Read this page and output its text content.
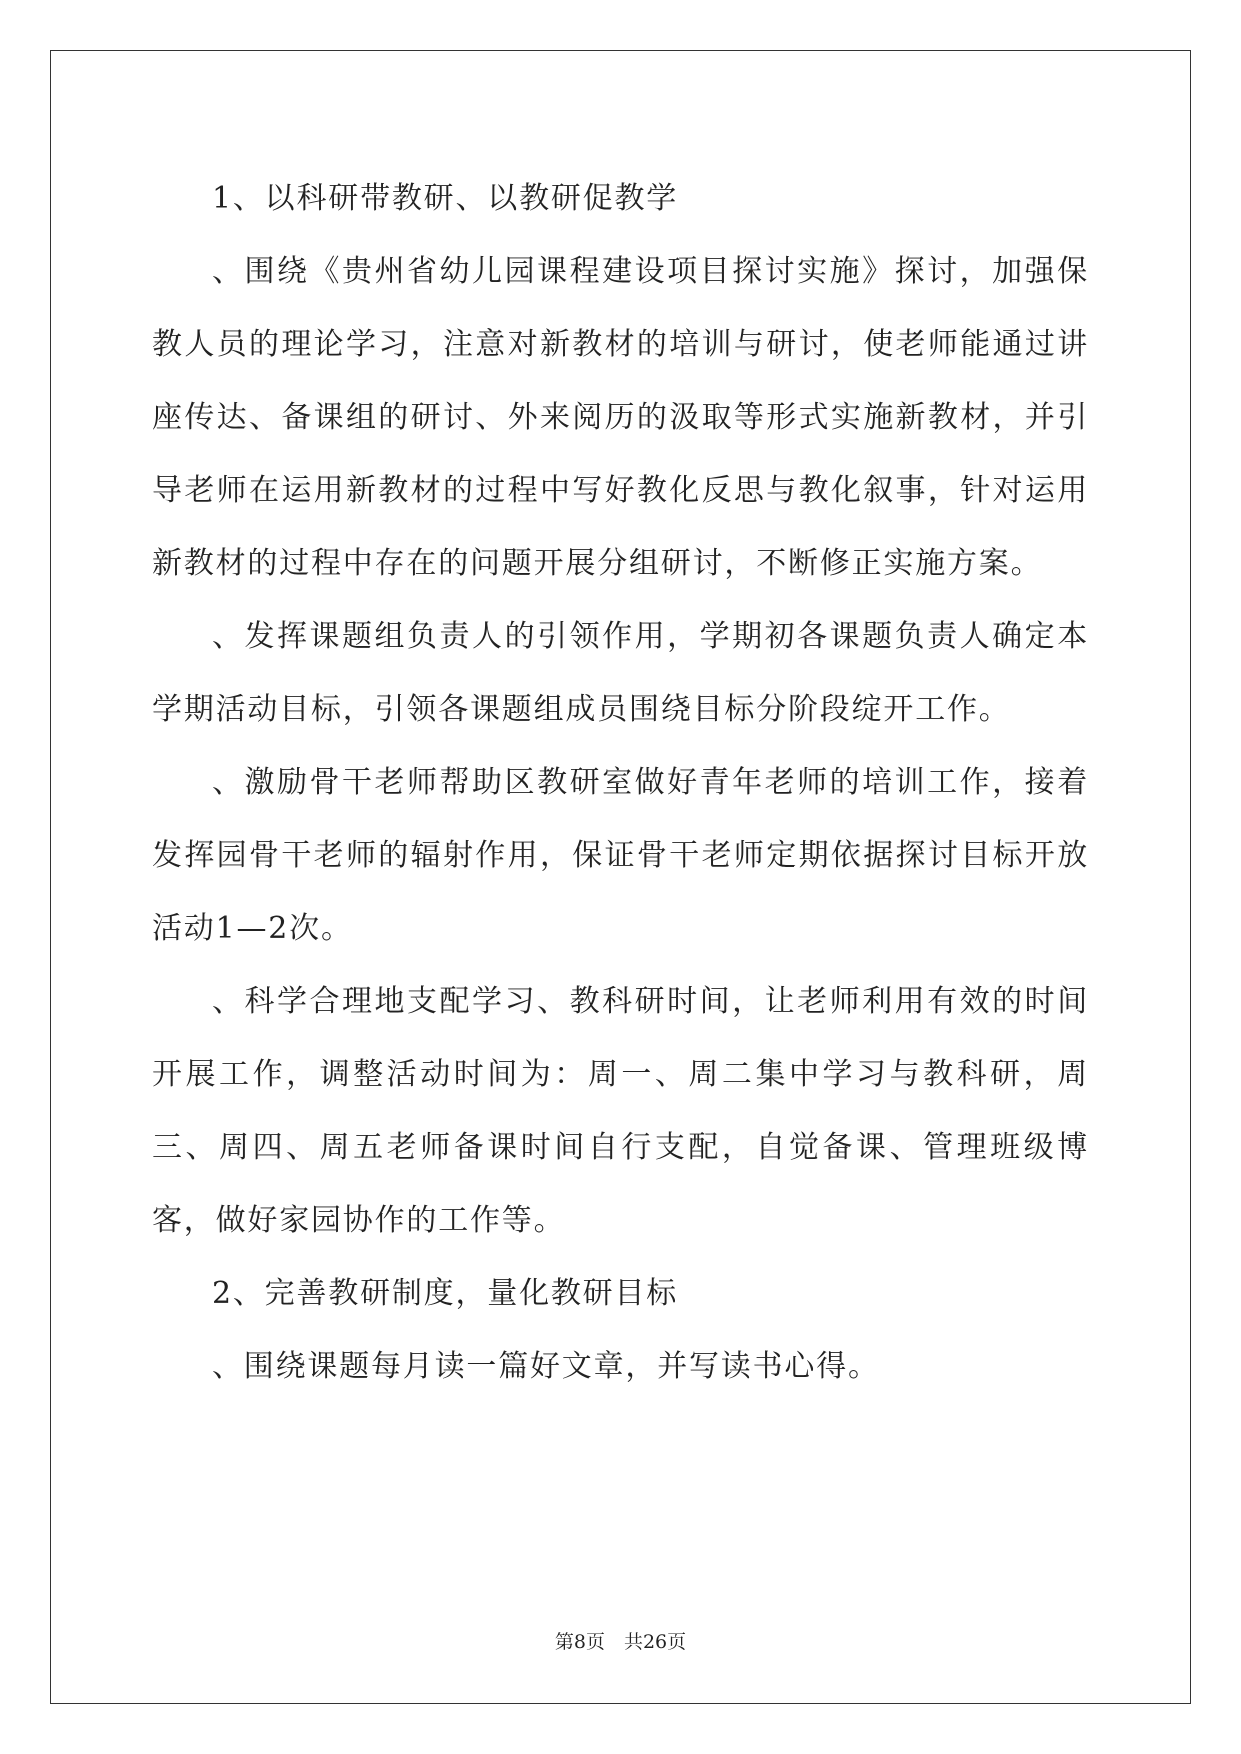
1、以科研带教研、以教研促教学

、围绕《贵州省幼儿园课程建设项目探讨实施》探讨，加强保教人员的理论学习，注意对新教材的培训与研讨，使老师能通过讲座传达、备课组的研讨、外来阅历的汲取等形式实施新教材，并引导老师在运用新教材的过程中写好教化反思与教化叙事，针对运用新教材的过程中存在的问题开展分组研讨，不断修正实施方案。

、发挥课题组负责人的引领作用，学期初各课题负责人确定本学期活动目标，引领各课题组成员围绕目标分阶段绽开工作。

、激励骨干老师帮助区教研室做好青年老师的培训工作，接着发挥园骨干老师的辐射作用，保证骨干老师定期依据探讨目标开放活动1—2次。

、科学合理地支配学习、教科研时间，让老师利用有效的时间开展工作，调整活动时间为：周一、周二集中学习与教科研，周三、周四、周五老师备课时间自行支配，自觉备课、管理班级博客，做好家园协作的工作等。

2、完善教研制度，量化教研目标

、围绕课题每月读一篇好文章，并写读书心得。

第8页　共26页
